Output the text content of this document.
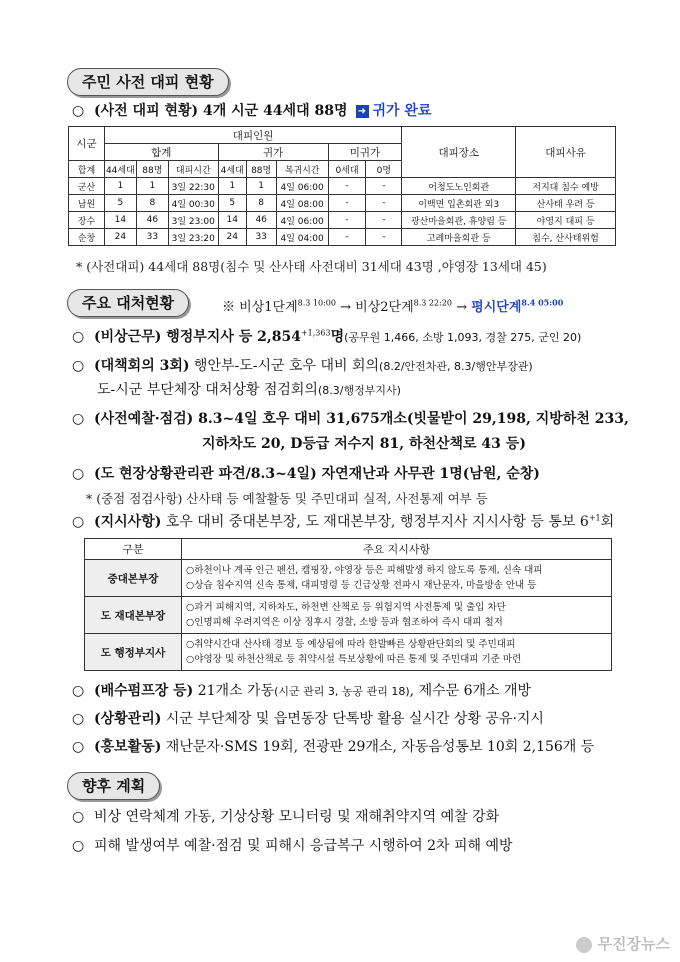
주민 사전 대피 현황
○ (사전 대피 현황) 4개 시군 44세대 88명 ➜ 귀가 완료
시군	대피인원								대피장소	대피사유
	합계			귀가			미귀가			
합계	44세대	88명	대피시간	4세대	88명	복귀시간	0세대	0명		
군산	1	1	3일 22:30	1	1	4일 06:00	-	-	어청도노인회관	저지대 침수 예방
남원	5	8	4일 00:30	5	8	4일 08:00	-	-	이백면 입촌회관 외3	산사태 우려 등
장수	14	46	3일 23:00	14	46	4일 06:00	-	-	광산마을회관, 휴양림 등	야영지 대피 등
순창	24	33	3일 23:20	24	33	4일 04:00	-	-	고례마을회관 등	침수, 산사태위험
* (사전대피) 44세대 88명(침수 및 산사태 사전대비 31세대 43명 ,야영장 13세대 45)
주요 대처현황	※ 비상1단계$^{8.3 10:00}$ → 비상2단계$^{8.3 22:20}$ → 평시단계$^{8.4 05:00}$
○ (비상근무) 행정부지사 등 $2,854^{+1,363}$명(공무원 1,466, 소방 1,093, 경찰 275, 군인 20)
○ (대책회의 3회) 행안부-도-시군 호우 대비 회의(8.2/안전차관, 8.3/행안부장관)
도-시군 부단체장 대처상황 점검회의(8.3/행정부지사)
○ (사전예찰·점검) 8.3~4일 호우 대비 31,675개소(빗물받이 29,198, 지방하천 233,
지하차도 20, D등급 저수지 81, 하천산책로 43 등)
○ (도 현장상황관리관 파견/8.3~4일) 자연재난과 사무관 1명(남원, 순창)
* (중점 점검사항) 산사태 등 예찰활동 및 주민대피 실적, 사전통제 여부 등
○ (지시사항) 호우 대비 중대본부장, 도 재대본부장, 행정부지사 지시사항 등 통보 $6^{+1}$회
구분	주요 지시사항
중대본부장	○하천이나 계곡 인근 펜션, 캠핑장, 야영장 등은 피해발생 하지 않도록 통제, 신속 대피
○상습 침수지역 신속 통제, 대피명령 등 긴급상황 전파시 재난문자, 마을방송 안내 등

도 재대본부장	○과거 피해지역, 지하차도, 하천변 산책로 등 위험지역 사전통제 및 출입 차단
○인명피해 우려지역은 이상 징후시 경찰, 소방 등과 협조하여 즉시 대피 철저

도 행정부지사	○취약시간대 산사태 경보 등 예상됨에 따라 한발빠른 상황판단회의 및 주민대피
○야영장 및 하천산책로 등 취약시설 특보상황에 따른 통제 및 주민대피 기준 마련
○ (배수펌프장 등) 21개소 가동(시군 관리 3, 농공 관리 18), 제수문 6개소 개방
○ (상황관리) 시군 부단체장 및 읍면동장 단톡방 활용 실시간 상황 공유·지시
○ (홍보활동) 재난문자·SMS 19회, 전광판 29개소, 자동음성통보 10회 2,156개 등
향후 계획
○ 비상 연락체계 가동, 기상상황 모니터링 및 재해취약지역 예찰 강화
○ 피해 발생여부 예찰·점검 및 피해시 응급복구 시행하여 2차 피해 예방
무진장뉴스
